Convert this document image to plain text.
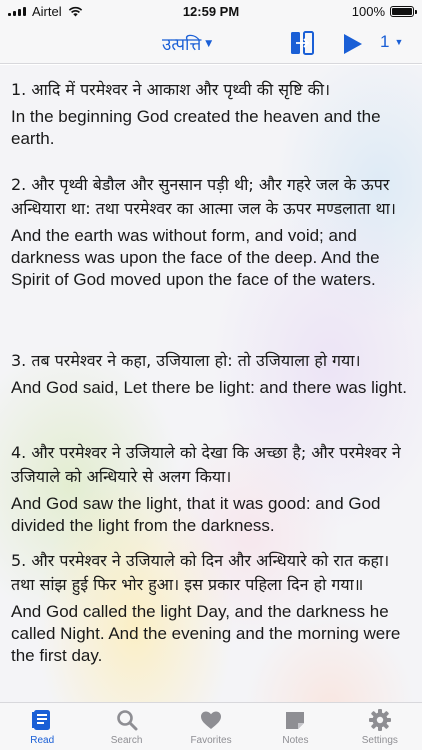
Airtel	12:59 PM	100%
उत्पत्ति ▼	1 ▼
1. आदि में परमेश्वर ने आकाश और पृथ्वी की सृष्टि की।
In the beginning God created the heaven and the earth.
2. और पृथ्वी बेडौल और सुनसान पड़ी थी; और गहरे जल के ऊपर अन्धियारा था: तथा परमेश्वर का आत्मा जल के ऊपर मण्डलाता था।
And the earth was without form, and void; and darkness was upon the face of the deep. And the Spirit of God moved upon the face of the waters.
3. तब परमेश्वर ने कहा, उजियाला हो: तो उजियाला हो गया।
And God said, Let there be light: and there was light.
4. और परमेश्वर ने उजियाले को देखा कि अच्छा है; और परमेश्वर ने उजियाले को अन्धियारे से अलग किया।
And God saw the light, that it was good: and God divided the light from the darkness.
5. और परमेश्वर ने उजियाले को दिन और अन्धियारे को रात कहा। तथा सांझ हुई फिर भोर हुआ। इस प्रकार पहिला दिन हो गया॥
And God called the light Day, and the darkness he called Night. And the evening and the morning were the first day.
Read	Search	Favorites	Notes	Settings
